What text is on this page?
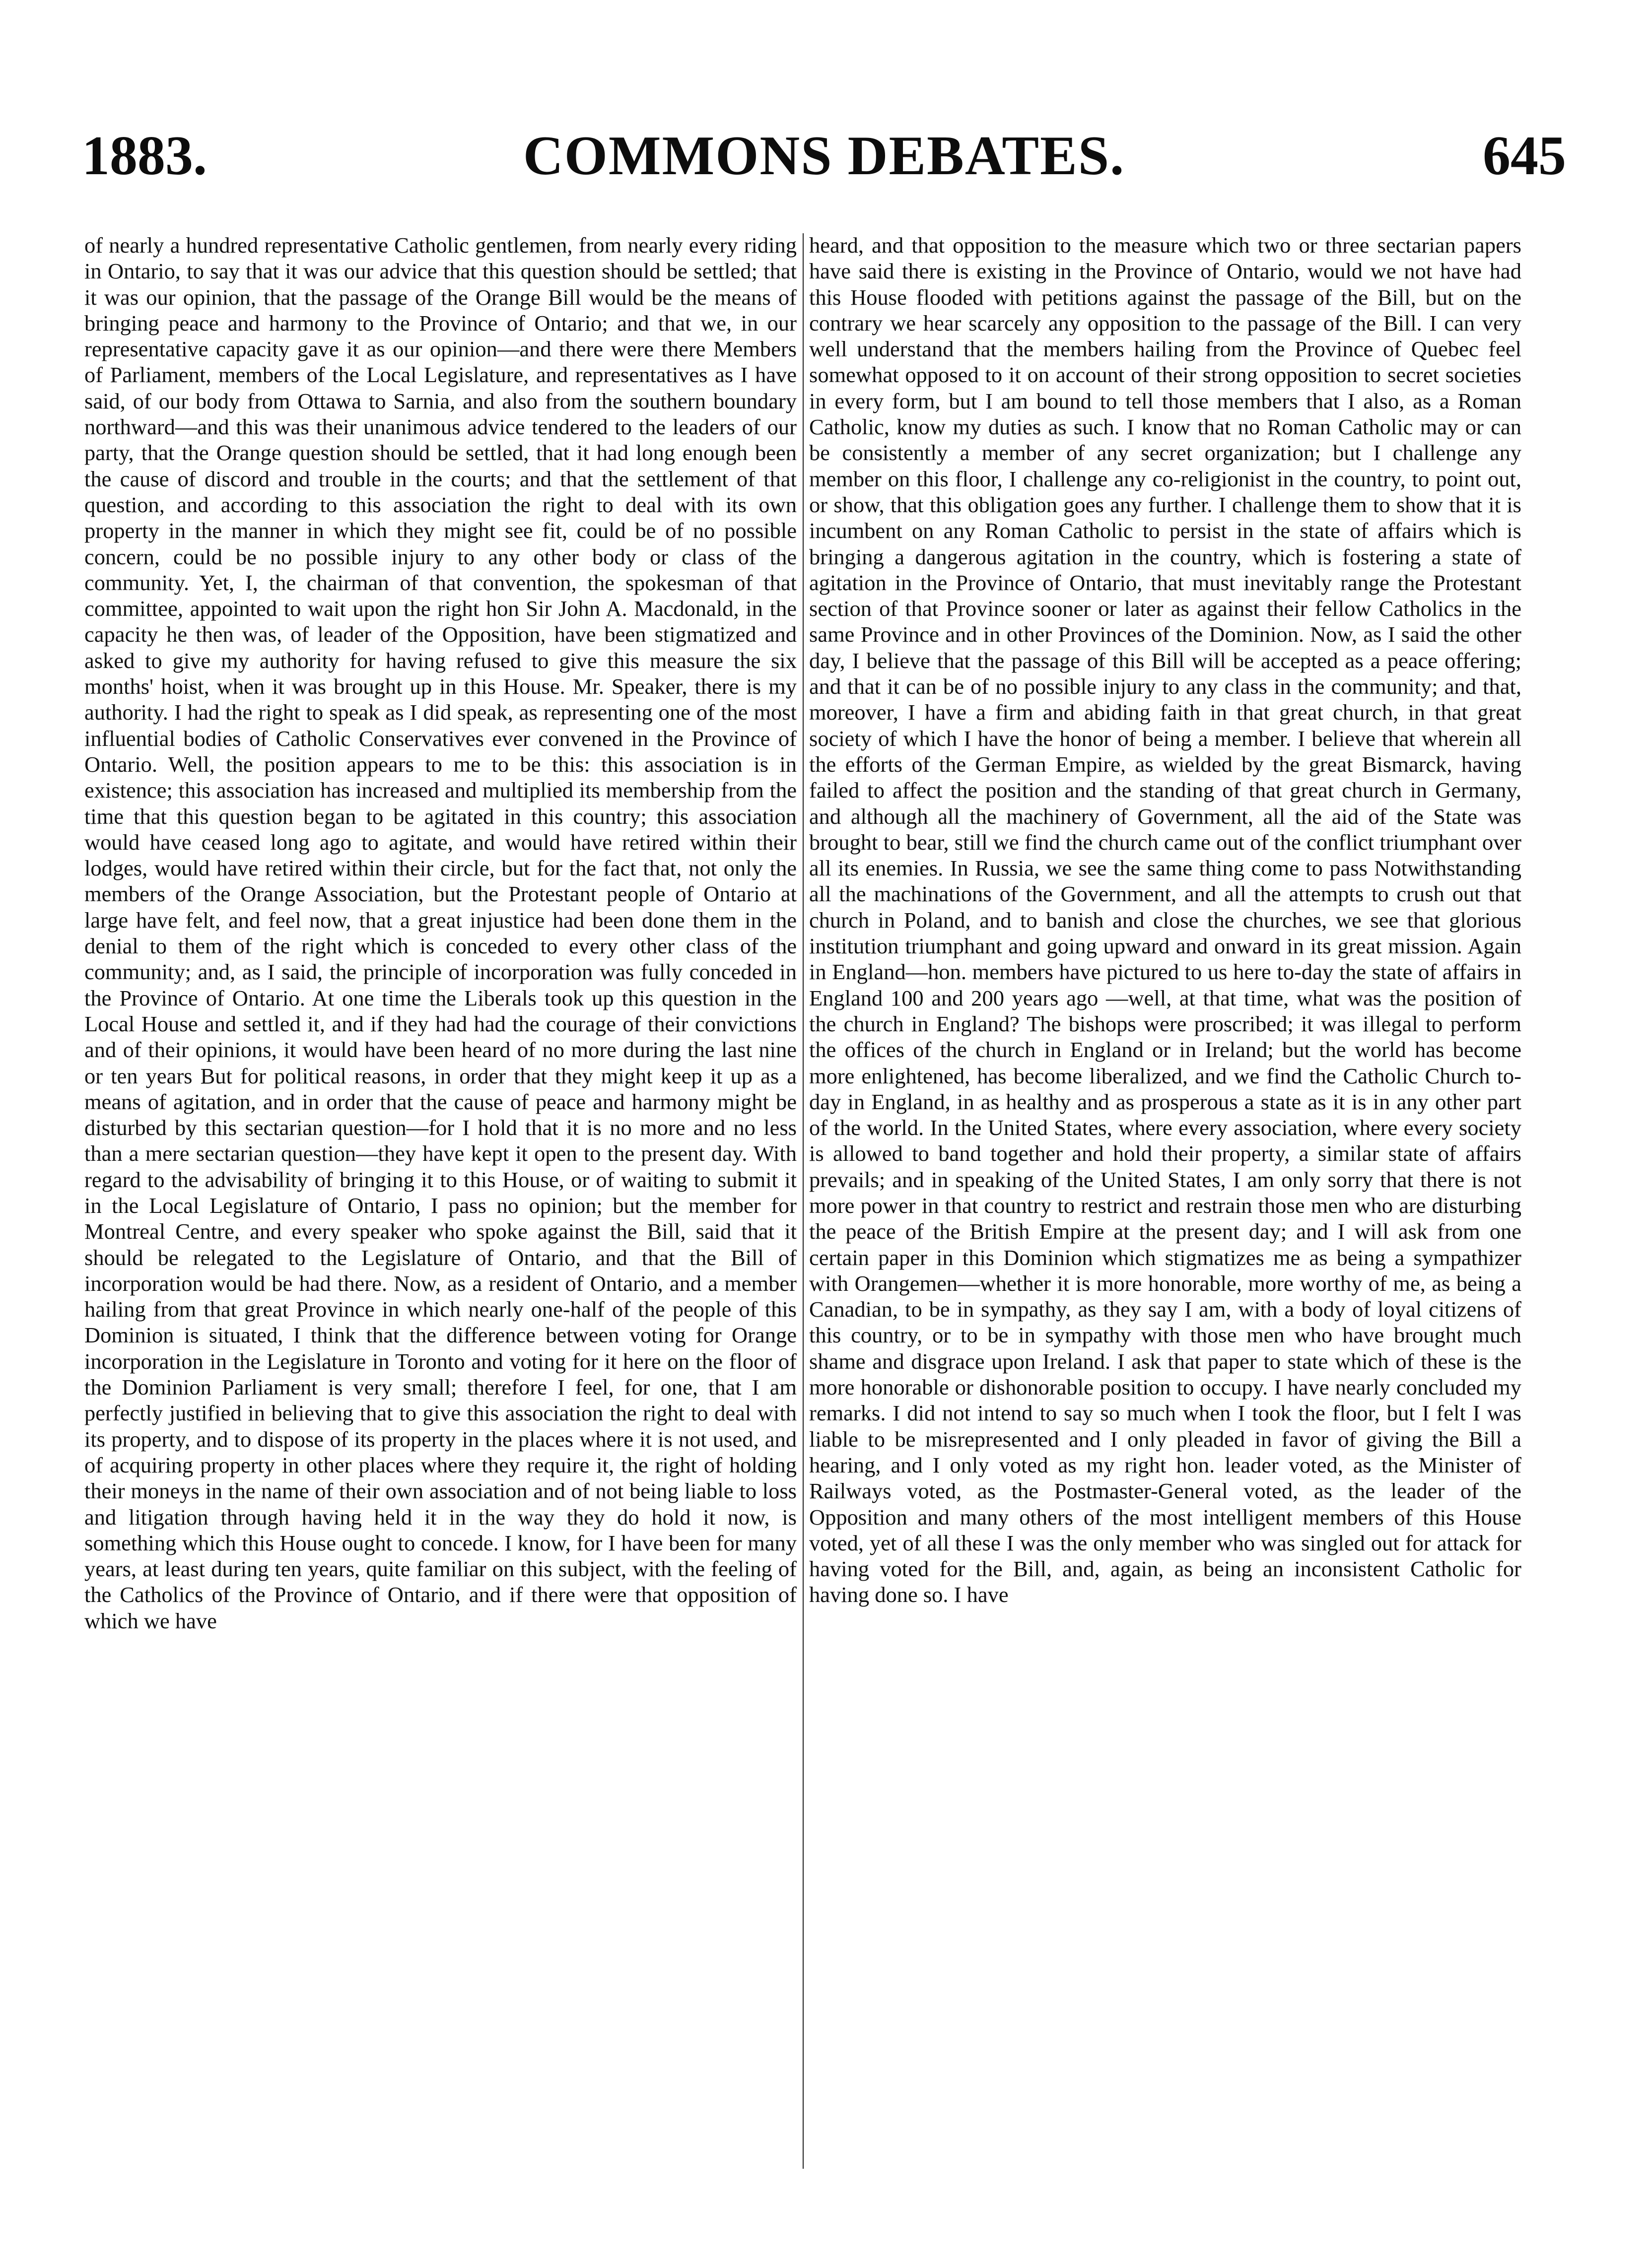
1883.	COMMONS DEBATES.	645

of nearly a hundred representative Catholic gentlemen, from nearly every riding in Ontario, to say that it was our advice that this question should be settled; that it was our opinion, that the passage of the Orange Bill would be the means of bringing peace and harmony to the Province of Ontario; and that we, in our representative capacity gave it as our opinion—and there were there Members of Parliament, members of the Local Legislature, and representatives as I have said, of our body from Ottawa to Sarnia, and also from the southern boundary northward—and this was their unanimous advice tendered to the leaders of our party, that the Orange question should be settled, that it had long enough been the cause of discord and trouble in the courts; and that the settlement of that question, and according to this association the right to deal with its own property in the manner in which they might see fit, could be of no possible concern, could be no possible injury to any other body or class of the community. Yet, I, the chairman of that convention, the spokesman of that committee, appointed to wait upon the right hon Sir John A. Macdonald, in the capacity he then was, of leader of the Opposition, have been stigmatized and asked to give my authority for having refused to give this measure the six months' hoist, when it was brought up in this House. Mr. Speaker, there is my authority. I had the right to speak as I did speak, as representing one of the most influential bodies of Catholic Conservatives ever convened in the Province of Ontario. Well, the position appears to me to be this: this association is in existence; this association has increased and multiplied its membership from the time that this question began to be agitated in this country; this association would have ceased long ago to agitate, and would have retired within their lodges, would have retired within their circle, but for the fact that, not only the members of the Orange Association, but the Protestant people of Ontario at large have felt, and feel now, that a great injustice had been done them in the denial to them of the right which is conceded to every other class of the community; and, as I said, the principle of incorporation was fully conceded in the Province of Ontario. At one time the Liberals took up this question in the Local House and settled it, and if they had had the courage of their convictions and of their opinions, it would have been heard of no more during the last nine or ten years But for political reasons, in order that they might keep it up as a means of agitation, and in order that the cause of peace and harmony might be disturbed by this sectarian question—for I hold that it is no more and no less than a mere sectarian question—they have kept it open to the present day. With regard to the advisability of bringing it to this House, or of waiting to submit it in the Local Legislature of Ontario, I pass no opinion; but the member for Montreal Centre, and every speaker who spoke against the Bill, said that it should be relegated to the Legislature of Ontario, and that the Bill of incorporation would be had there. Now, as a resident of Ontario, and a member hailing from that great Province in which nearly one-half of the people of this Dominion is situated, I think that the difference between voting for Orange incorporation in the Legislature in Toronto and voting for it here on the floor of the Dominion Parliament is very small; therefore I feel, for one, that I am perfectly justified in believing that to give this association the right to deal with its property, and to dispose of its property in the places where it is not used, and of acquiring property in other places where they require it, the right of holding their moneys in the name of their own association and of not being liable to loss and litigation through having held it in the way they do hold it now, is something which this House ought to concede. I know, for I have been for many years, at least during ten years, quite familiar on this subject, with the feeling of the Catholics of the Province of Ontario, and if there were that opposition of which we have

heard, and that opposition to the measure which two or three sectarian papers have said there is existing in the Province of Ontario, would we not have had this House flooded with petitions against the passage of the Bill, but on the contrary we hear scarcely any opposition to the passage of the Bill. I can very well understand that the members hailing from the Province of Quebec feel somewhat opposed to it on account of their strong opposition to secret societies in every form, but I am bound to tell those members that I also, as a Roman Catholic, know my duties as such. I know that no Roman Catholic may or can be consistently a member of any secret organization; but I challenge any member on this floor, I challenge any co-religionist in the country, to point out, or show, that this obligation goes any further. I challenge them to show that it is incumbent on any Roman Catholic to persist in the state of affairs which is bringing a dangerous agitation in the country, which is fostering a state of agitation in the Province of Ontario, that must inevitably range the Protestant section of that Province sooner or later as against their fellow Catholics in the same Province and in other Provinces of the Dominion. Now, as I said the other day, I believe that the passage of this Bill will be accepted as a peace offering; and that it can be of no possible injury to any class in the community; and that, moreover, I have a firm and abiding faith in that great church, in that great society of which I have the honor of being a member. I believe that wherein all the efforts of the German Empire, as wielded by the great Bismarck, having failed to affect the position and the standing of that great church in Germany, and although all the machinery of Government, all the aid of the State was brought to bear, still we find the church came out of the conflict triumphant over all its enemies. In Russia, we see the same thing come to pass Notwithstanding all the machinations of the Government, and all the attempts to crush out that church in Poland, and to banish and close the churches, we see that glorious institution triumphant and going upward and onward in its great mission. Again in England—hon. members have pictured to us here to-day the state of affairs in England 100 and 200 years ago —well, at that time, what was the position of the church in England? The bishops were proscribed; it was illegal to perform the offices of the church in England or in Ireland; but the world has become more enlightened, has become liberalized, and we find the Catholic Church to-day in England, in as healthy and as prosperous a state as it is in any other part of the world. In the United States, where every association, where every society is allowed to band together and hold their property, a similar state of affairs prevails; and in speaking of the United States, I am only sorry that there is not more power in that country to restrict and restrain those men who are disturbing the peace of the British Empire at the present day; and I will ask from one certain paper in this Dominion which stigmatizes me as being a sympathizer with Orangemen—whether it is more honorable, more worthy of me, as being a Canadian, to be in sympathy, as they say I am, with a body of loyal citizens of this country, or to be in sympathy with those men who have brought much shame and disgrace upon Ireland. I ask that paper to state which of these is the more honorable or dishonorable position to occupy. I have nearly concluded my remarks. I did not intend to say so much when I took the floor, but I felt I was liable to be misrepresented and I only pleaded in favor of giving the Bill a hearing, and I only voted as my right hon. leader voted, as the Minister of Railways voted, as the Postmaster-General voted, as the leader of the Opposition and many others of the most intelligent members of this House voted, yet of all these I was the only member who was singled out for attack for having voted for the Bill, and, again, as being an inconsistent Catholic for having done so. I have
